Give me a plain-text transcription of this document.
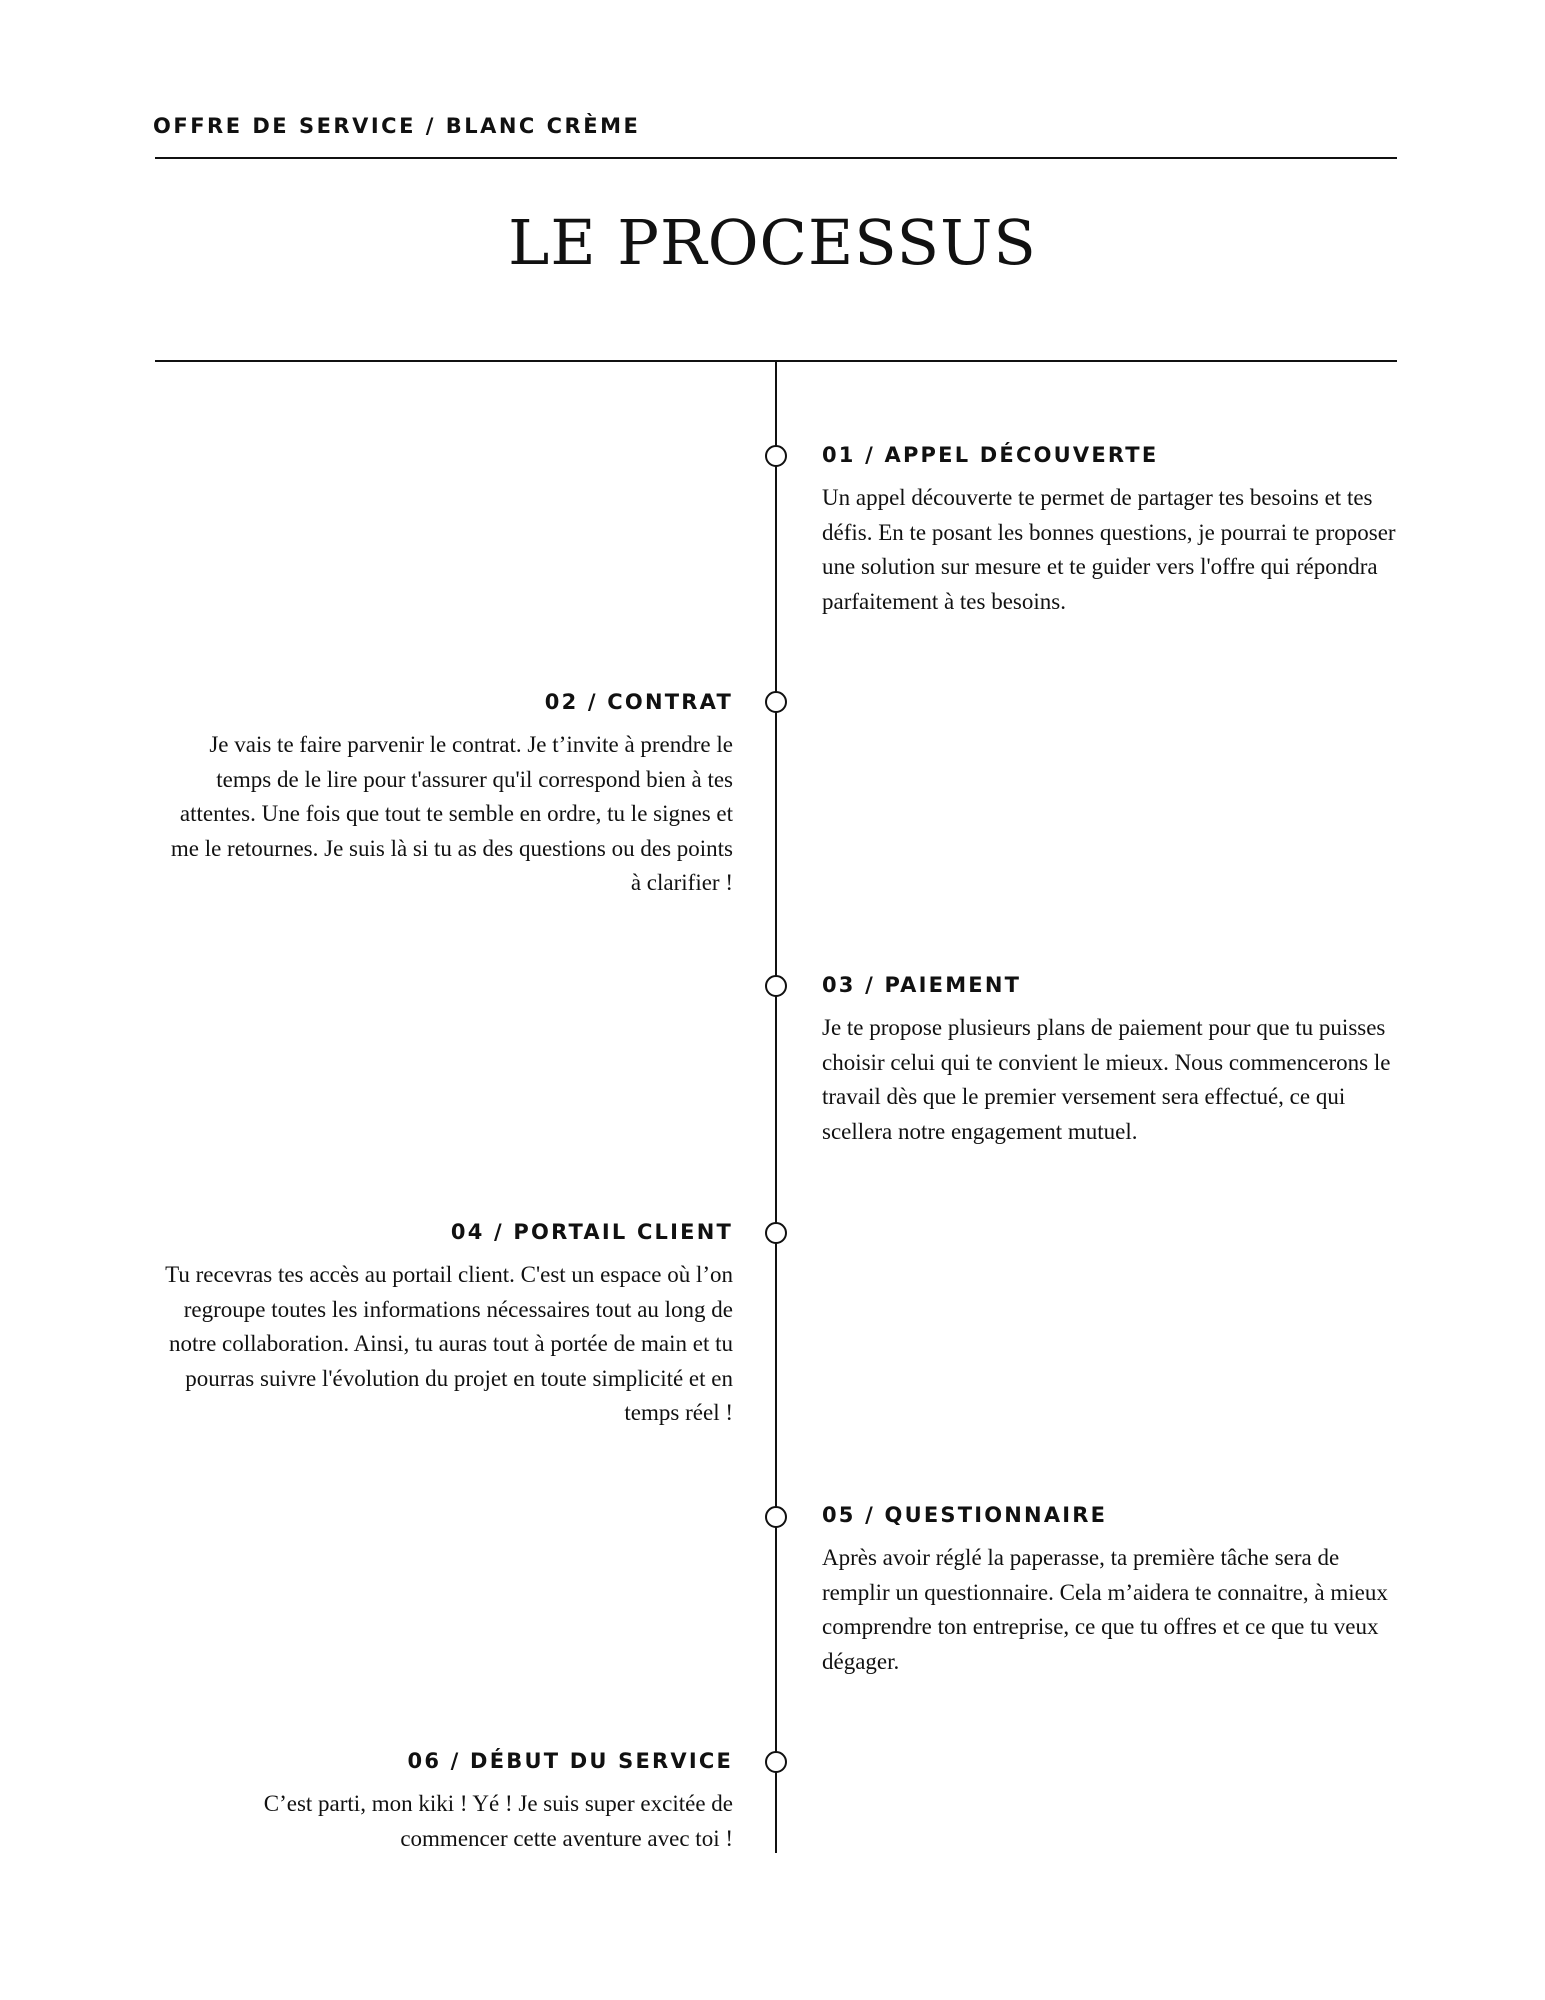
OFFRE DE SERVICE / BLANC CRÈME
LE PROCESSUS
01 / APPEL DÉCOUVERTE

Un appel découverte te permet de partager tes besoins et tes défis. En te posant les bonnes questions, je pourrai te proposer une solution sur mesure et te guider vers l'offre qui répondra parfaitement à tes besoins.

02 / CONTRAT

Je vais te faire parvenir le contrat. Je t’invite à prendre le temps de le lire pour t'assurer qu'il correspond bien à tes attentes. Une fois que tout te semble en ordre, tu le signes et me le retournes. Je suis là si tu as des questions ou des points à clarifier !

03 / PAIEMENT

Je te propose plusieurs plans de paiement pour que tu puisses choisir celui qui te convient le mieux. Nous commencerons le travail dès que le premier versement sera effectué, ce qui scellera notre engagement mutuel.

04 / PORTAIL CLIENT

Tu recevras tes accès au portail client. C'est un espace où l’on regroupe toutes les informations nécessaires tout au long de notre collaboration. Ainsi, tu auras tout à portée de main et tu pourras suivre l'évolution du projet en toute simplicité et en temps réel !

05 / QUESTIONNAIRE

Après avoir réglé la paperasse, ta première tâche sera de remplir un questionnaire. Cela m’aidera te connaitre, à mieux comprendre ton entreprise, ce que tu offres et ce que tu veux dégager.

06 / DÉBUT DU SERVICE

C’est parti, mon kiki ! Yé ! Je suis super excitée de commencer cette aventure avec toi !
